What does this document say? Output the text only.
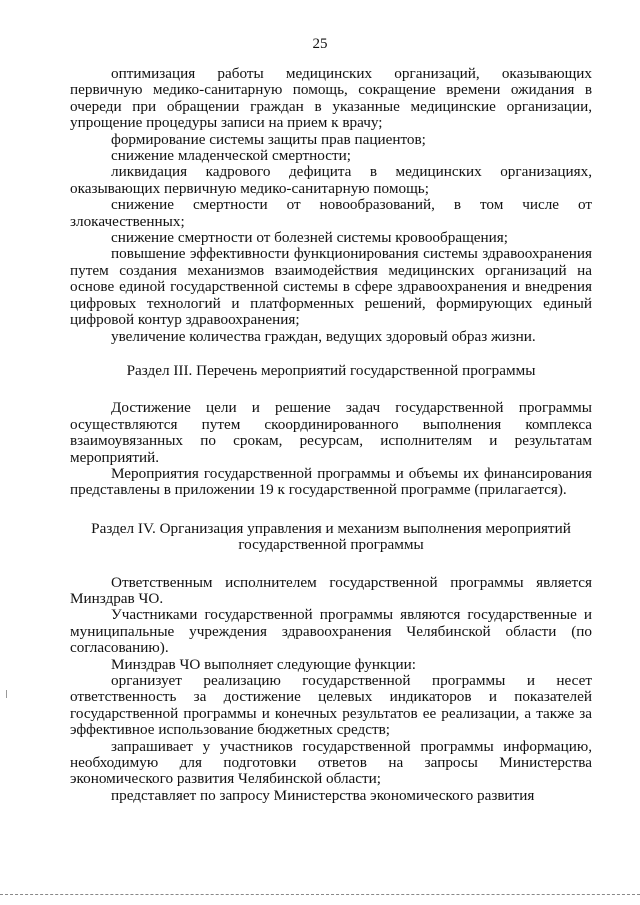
25

оптимизация работы медицинских организаций, оказывающих первичную медико-санитарную помощь, сокращение времени ожидания в очереди при обращении граждан в указанные медицинские организации, упрощение процедуры записи на прием к врачу;

формирование системы защиты прав пациентов;

снижение младенческой смертности;

ликвидация кадрового дефицита в медицинских организациях, оказывающих первичную медико-санитарную помощь;

снижение смертности от новообразований, в том числе от злокачественных;

снижение смертности от болезней системы кровообращения;

повышение эффективности функционирования системы здравоохранения путем создания механизмов взаимодействия медицинских организаций на основе единой государственной системы в сфере здравоохранения и внедрения цифровых технологий и платформенных решений, формирующих единый цифровой контур здравоохранения;

увеличение количества граждан, ведущих здоровый образ жизни.

Раздел III. Перечень мероприятий государственной программы

Достижение цели и решение задач государственной программы осуществляются путем скоординированного выполнения комплекса взаимоувязанных по срокам, ресурсам, исполнителям и результатам мероприятий.

Мероприятия государственной программы и объемы их финансирования представлены в приложении 19 к государственной программе (прилагается).

Раздел IV. Организация управления и механизм выполнения мероприятий государственной программы

Ответственным исполнителем государственной программы является Минздрав ЧО.

Участниками государственной программы являются государственные и муниципальные учреждения здравоохранения Челябинской области (по согласованию).

Минздрав ЧО выполняет следующие функции:

организует реализацию государственной программы и несет ответственность за достижение целевых индикаторов и показателей государственной программы и конечных результатов ее реализации, а также за эффективное использование бюджетных средств;

запрашивает у участников государственной программы информацию, необходимую для подготовки ответов на запросы Министерства экономического развития Челябинской области;

представляет по запросу Министерства экономического развития
